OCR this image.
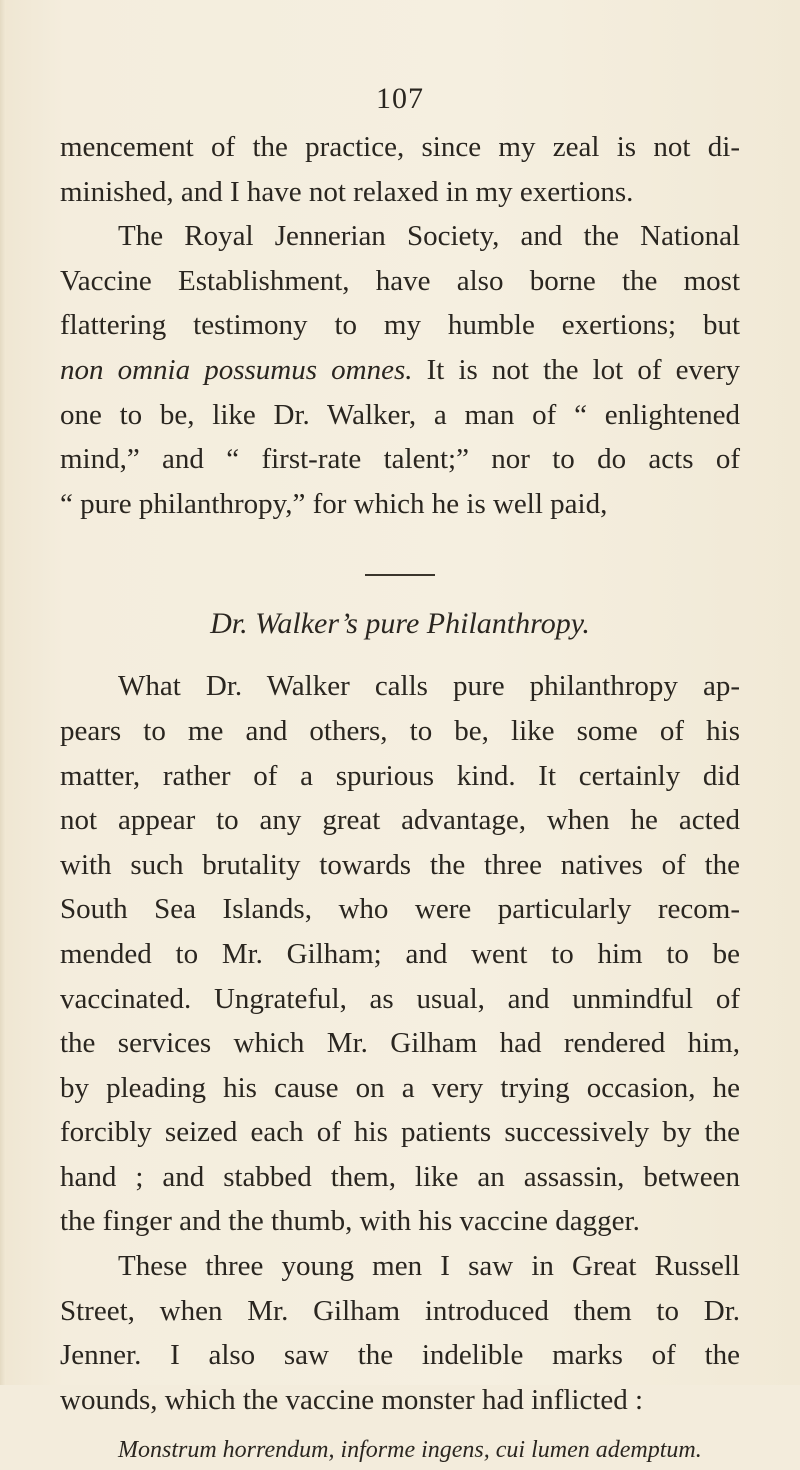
107
mencement of the practice, since my zeal is not di-
minished, and I have not relaxed in my exertions.
The Royal Jennerian Society, and the National
Vaccine Establishment, have also borne the most
flattering testimony to my humble exertions; but
non omnia possumus omnes. It is not the lot of every
one to be, like Dr. Walker, a man of “ enlightened
mind,” and “ first-rate talent;” nor to do acts of
“ pure philanthropy,” for which he is well paid,
Dr. Walker’s pure Philanthropy.
What Dr. Walker calls pure philanthropy ap-
pears to me and others, to be, like some of his
matter, rather of a spurious kind. It certainly did
not appear to any great advantage, when he acted
with such brutality towards the three natives of the
South Sea Islands, who were particularly recom-
mended to Mr. Gilham; and went to him to be
vaccinated. Ungrateful, as usual, and unmindful of
the services which Mr. Gilham had rendered him,
by pleading his cause on a very trying occasion, he
forcibly seized each of his patients successively by the
hand ; and stabbed them, like an assassin, between
the finger and the thumb, with his vaccine dagger.
These three young men I saw in Great Russell
Street, when Mr. Gilham introduced them to Dr.
Jenner. I also saw the indelible marks of the
wounds, which the vaccine monster had inflicted :
Monstrum horrendum, informe ingens, cui lumen ademptum.
